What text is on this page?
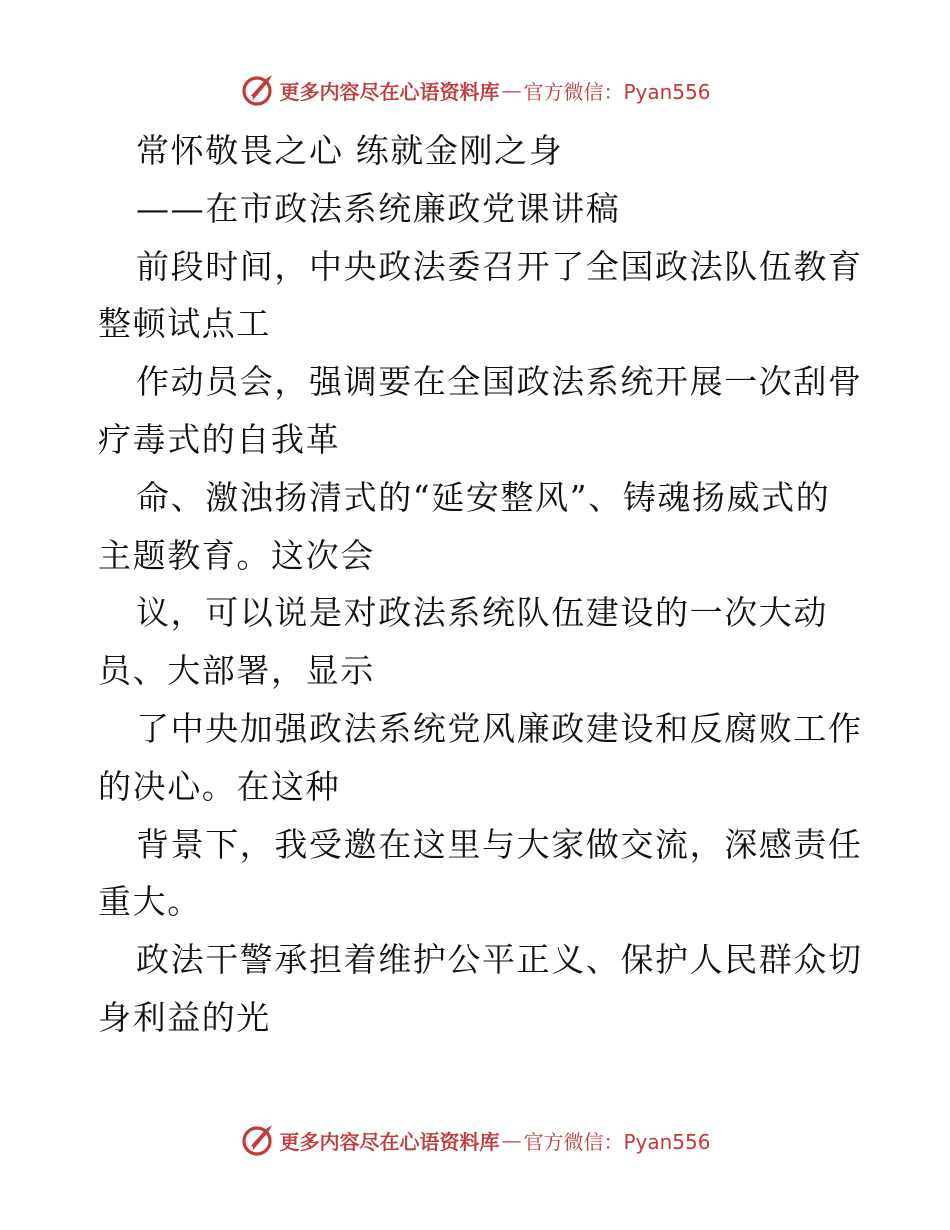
更多内容尽在心语资料库 — 官方微信：Pyan556
常怀敬畏之心 练就金刚之身
——在市政法系统廉政党课讲稿
前段时间，中央政法委召开了全国政法队伍教育
整顿试点工
作动员会，强调要在全国政法系统开展一次刮骨
疗毒式的自我革
命、激浊扬清式的“延安整风”、铸魂扬威式的
主题教育。这次会
议，可以说是对政法系统队伍建设的一次大动
员、大部署，显示
了中央加强政法系统党风廉政建设和反腐败工作
的决心。在这种
背景下，我受邀在这里与大家做交流，深感责任
重大。
政法干警承担着维护公平正义、保护人民群众切
身利益的光
更多内容尽在心语资料库 — 官方微信：Pyan556
